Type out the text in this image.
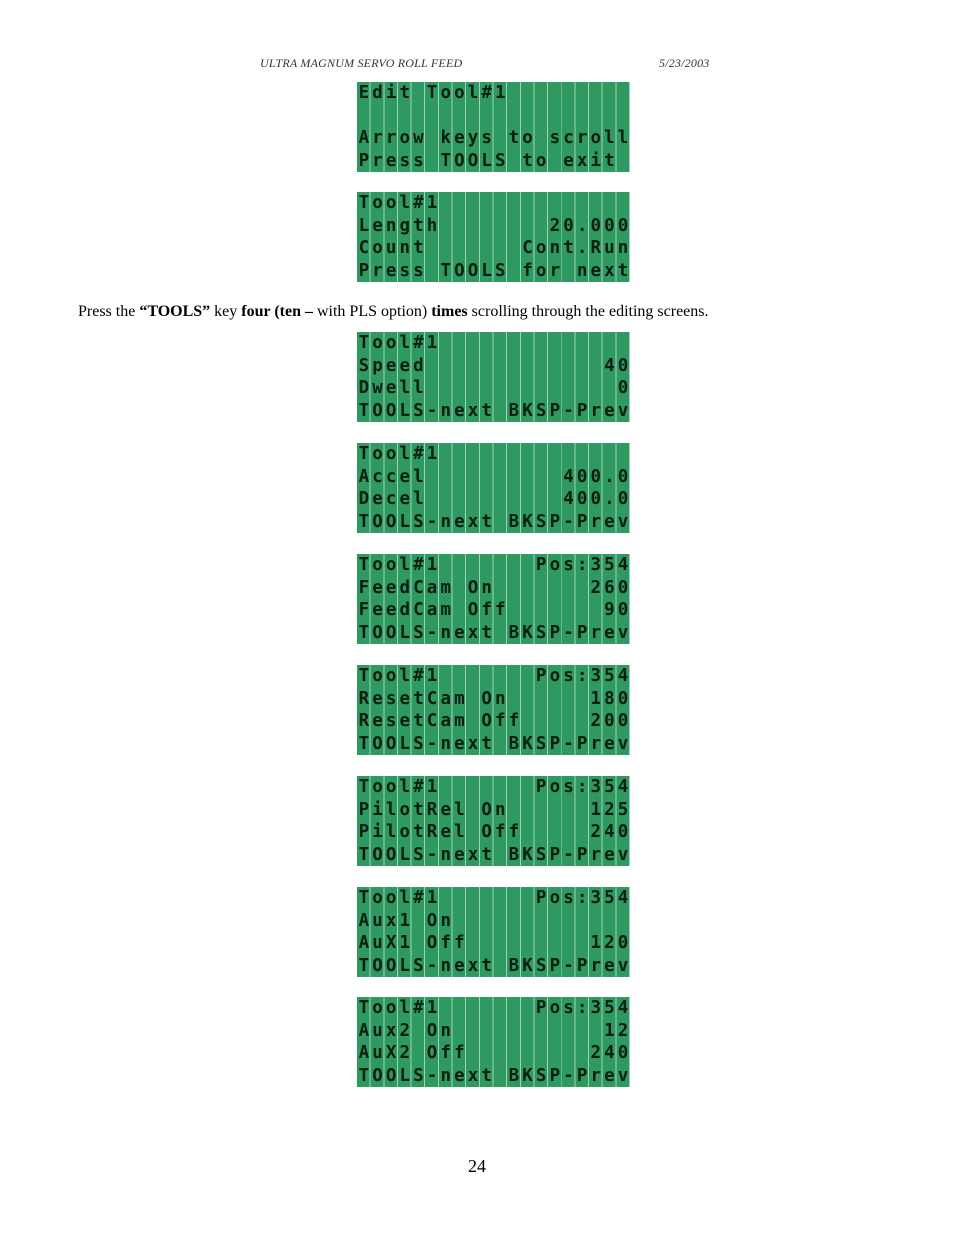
ULTRA MAGNUM SERVO ROLL FEED	5/23/2003
E d i t T o o l # 1

A r r o w k e y s t o s c r o l l
P r e s s T O O L S t o e x i t
T o o l # 1
L e n g t h	2 0 . 0 0 0
C o u n t	C o n t . R u n
P r e s s T O O L S f o r n e x t
Press the “TOOLS” key four (ten – with PLS option) times scrolling through the editing screens.
T o o l # 1
S p e e d	4 0
D w e l l	0
T O O L S - n e x t B K S P - P r e v
T o o l # 1
A c c e l	4 0 0 . 0
D e c e l	4 0 0 . 0
T O O L S - n e x t B K S P - P r e v
T o o l # 1	P o s : 3 5 4
F e e d C a m O n	2 6 0
F e e d C a m O f f	9 0
T O O L S - n e x t B K S P - P r e v
T o o l # 1	P o s : 3 5 4
R e s e t C a m O n	1 8 0
R e s e t C a m O f f	2 0 0
T O O L S - n e x t B K S P - P r e v
T o o l # 1	P o s : 3 5 4
P i l o t R e l O n	1 2 5
P i l o t R e l O f f	2 4 0
T O O L S - n e x t B K S P - P r e v
T o o l # 1	P o s : 3 5 4
A u x 1 O n
A u X 1 O f f	1 2 0
T O O L S - n e x t B K S P - P r e v
T o o l # 1	P o s : 3 5 4
A u x 2 O n	1 2
A u X 2 O f f	2 4 0
T O O L S - n e x t B K S P - P r e v
24
